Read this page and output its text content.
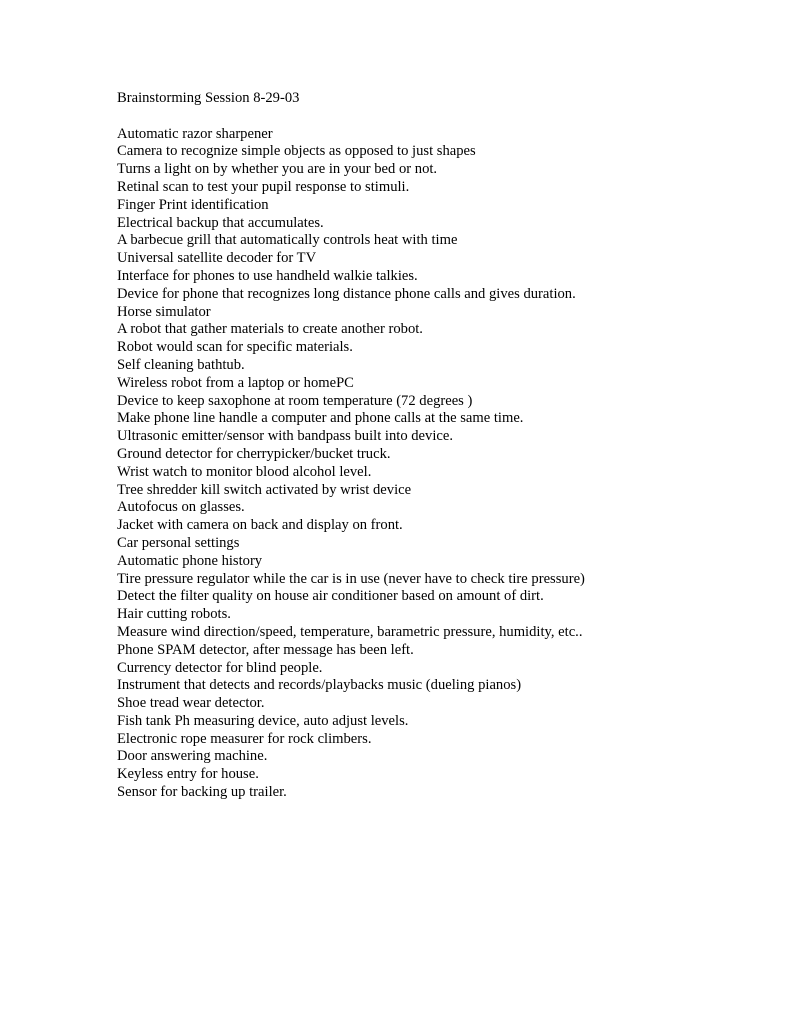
Brainstorming Session 8-29-03
Automatic razor sharpener
Camera to recognize simple objects as opposed to just shapes
Turns a light on by whether you are in your bed or not.
Retinal scan to test your pupil response to stimuli.
Finger Print identification
Electrical backup that accumulates.
A barbecue grill that automatically controls heat with time
Universal satellite decoder for TV
Interface for phones to use handheld walkie talkies.
Device for phone that recognizes long distance phone calls and gives duration.
Horse simulator
A robot that gather materials to create another robot.
Robot would scan for specific materials.
Self cleaning bathtub.
Wireless robot from a laptop or homePC
Device to keep saxophone at room temperature (72 degrees )
Make phone line handle a computer and phone calls at the same time.
Ultrasonic emitter/sensor with bandpass built into device.
Ground detector for cherrypicker/bucket truck.
Wrist watch to monitor blood alcohol level.
Tree shredder kill switch activated by wrist device
Autofocus on glasses.
Jacket with camera on back and display on front.
Car personal settings
Automatic phone history
Tire pressure regulator while the car is in use (never have to check tire pressure)
Detect the filter quality on house air conditioner based on amount of dirt.
Hair cutting robots.
Measure wind direction/speed, temperature, barametric pressure, humidity, etc..
Phone SPAM detector, after message has been left.
Currency detector for blind people.
Instrument that detects and records/playbacks music (dueling pianos)
Shoe tread wear detector.
Fish tank Ph measuring device, auto adjust levels.
Electronic rope measurer for rock climbers.
Door answering machine.
Keyless entry for house.
Sensor for backing up trailer.
